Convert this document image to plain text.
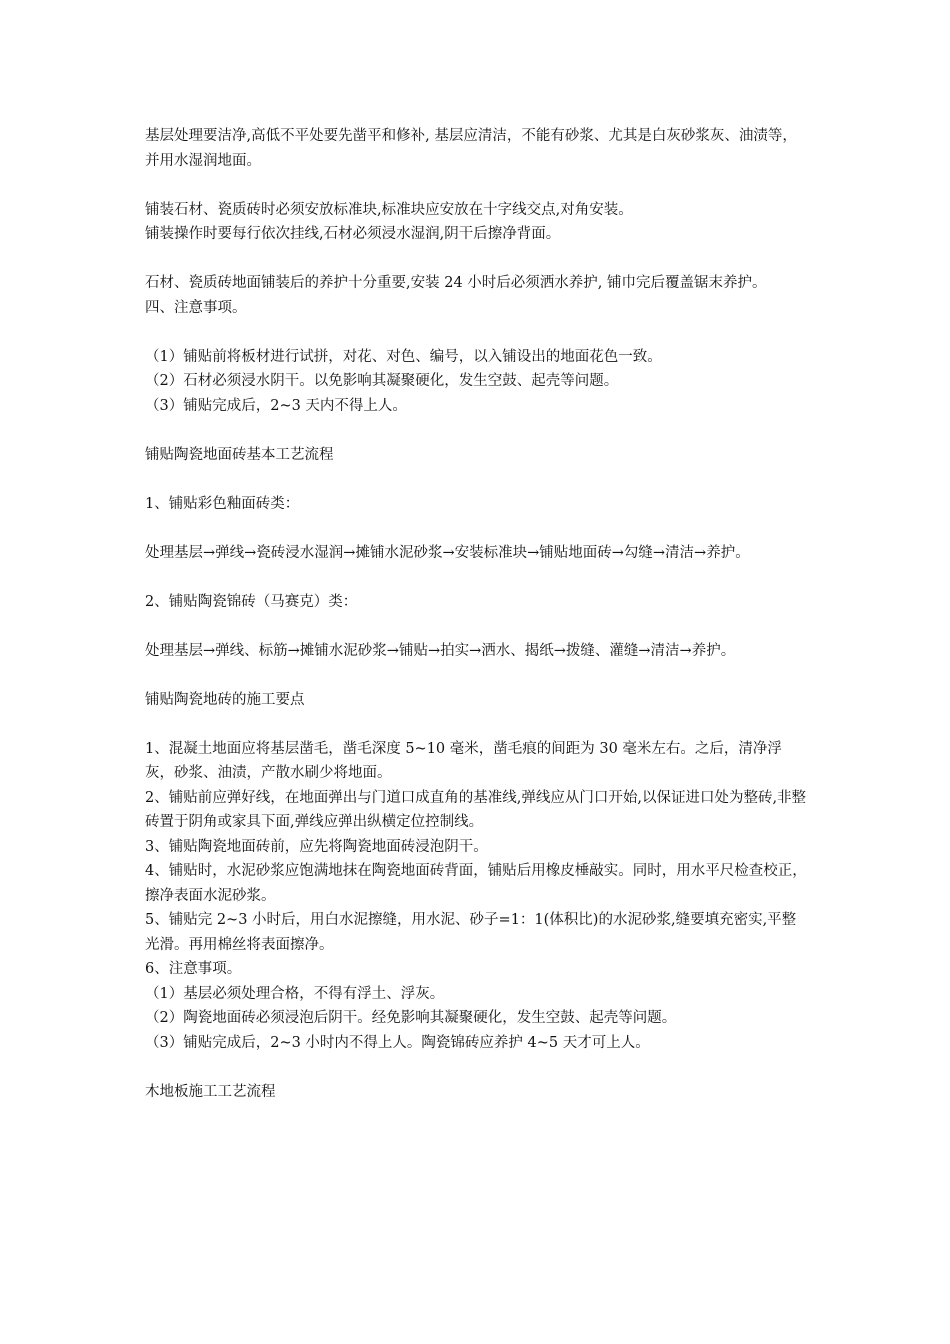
基层处理要洁净,高低不平处要先凿平和修补, 基层应清洁，不能有砂浆、尤其是白灰砂浆灰、油渍等，并用水湿润地面。

铺装石材、瓷质砖时必须安放标准块,标准块应安放在十字线交点,对角安装。

铺装操作时要每行依次挂线,石材必须浸水湿润,阴干后擦净背面。

石材、瓷质砖地面铺装后的养护十分重要,安装 24 小时后必须洒水养护, 铺巾完后覆盖锯末养护。

四、注意事项。

（1）铺贴前将板材进行试拼，对花、对色、编号，以入铺设出的地面花色一致。

（2）石材必须浸水阴干。以免影响其凝聚硬化，发生空鼓、起壳等问题。

（3）铺贴完成后，2~3 天内不得上人。

铺贴陶瓷地面砖基本工艺流程

1、铺贴彩色釉面砖类：

处理基层→弹线→瓷砖浸水湿润→摊铺水泥砂浆→安装标准块→铺贴地面砖→勾缝→清洁→养护。

2、铺贴陶瓷锦砖（马赛克）类：

处理基层→弹线、标筋→摊铺水泥砂浆→铺贴→拍实→洒水、揭纸→拨缝、灌缝→清洁→养护。

铺贴陶瓷地砖的施工要点

1、混凝土地面应将基层凿毛，凿毛深度 5~10 毫米，凿毛痕的间距为 30 毫米左右。之后，清净浮灰，砂浆、油渍，产散水刷少将地面。

2、铺贴前应弹好线，在地面弹出与门道口成直角的基准线,弹线应从门口开始,以保证进口处为整砖,非整砖置于阴角或家具下面,弹线应弹出纵横定位控制线。

3、铺贴陶瓷地面砖前，应先将陶瓷地面砖浸泡阴干。

4、铺贴时，水泥砂浆应饱满地抹在陶瓷地面砖背面，铺贴后用橡皮棰敲实。同时，用水平尺检查校正，擦净表面水泥砂浆。

5、铺贴完 2~3 小时后，用白水泥擦缝，用水泥、砂子=1：1(体积比)的水泥砂浆,缝要填充密实,平整光滑。再用棉丝将表面擦净。

6、注意事项。

（1）基层必须处理合格，不得有浮土、浮灰。

（2）陶瓷地面砖必须浸泡后阴干。经免影响其凝聚硬化，发生空鼓、起壳等问题。

（3）铺贴完成后，2~3 小时内不得上人。陶瓷锦砖应养护 4~5 天才可上人。

木地板施工工艺流程
